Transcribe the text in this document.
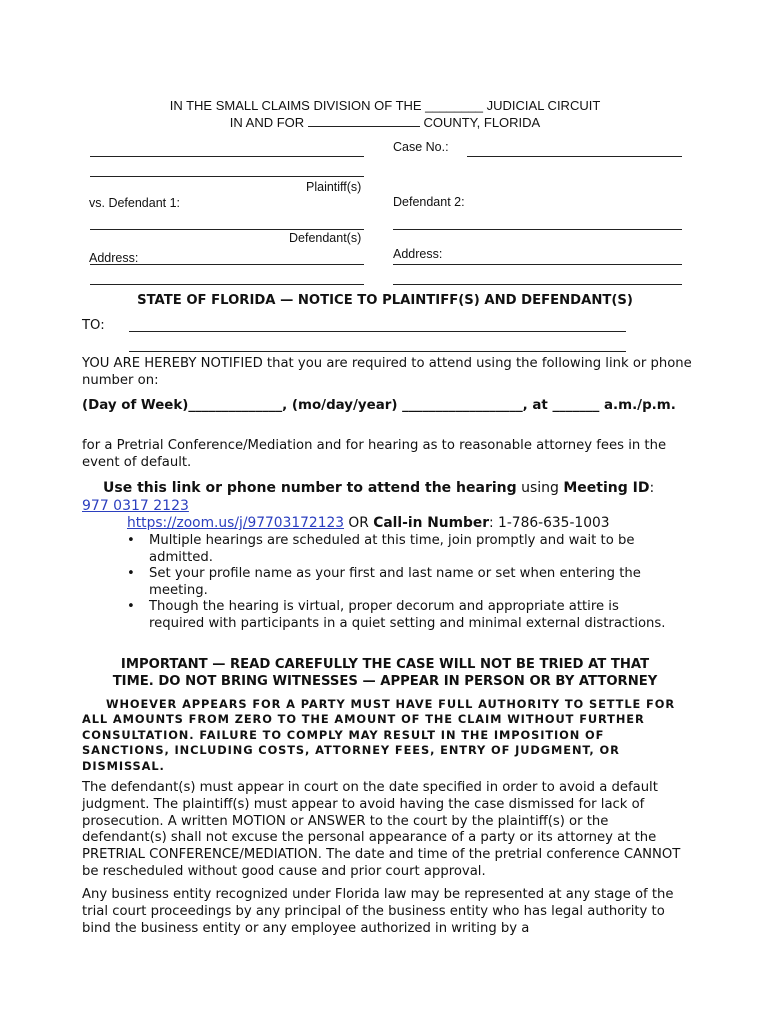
IN THE SMALL CLAIMS DIVISION OF THE ________ JUDICIAL CIRCUIT
IN AND FOR	COUNTY, FLORIDA
Case No.:
Plaintiff(s)
vs. Defendant 1:	Defendant 2:
Defendant(s)
Address:	Address:
STATE OF FLORIDA — NOTICE TO PLAINTIFF(S) AND DEFENDANT(S)
TO:
YOU ARE HEREBY NOTIFIED that you are required to attend using the following link or phone number on:
(Day of Week)______________, (mo/day/year) __________________, at _______ a.m./p.m.
for a Pretrial Conference/Mediation and for hearing as to reasonable attorney fees in the event of default.
Use this link or phone number to attend the hearing using Meeting ID: 977 0317 2123
https://zoom.us/j/97703172123 OR Call-in Number: 1-786-635-1003
• Multiple hearings are scheduled at this time, join promptly and wait to be admitted.
• Set your profile name as your first and last name or set when entering the meeting.
• Though the hearing is virtual, proper decorum and appropriate attire is required with participants in a quiet setting and minimal external distractions.
IMPORTANT — READ CAREFULLY THE CASE WILL NOT BE TRIED AT THAT
TIME. DO NOT BRING WITNESSES — APPEAR IN PERSON OR BY ATTORNEY
WHOEVER APPEARS FOR A PARTY MUST HAVE FULL AUTHORITY TO SETTLE FOR ALL AMOUNTS FROM ZERO TO THE AMOUNT OF THE CLAIM WITHOUT FURTHER CONSULTATION. FAILURE TO COMPLY MAY RESULT IN THE IMPOSITION OF SANCTIONS, INCLUDING COSTS, ATTORNEY FEES, ENTRY OF JUDGMENT, OR DISMISSAL.
The defendant(s) must appear in court on the date specified in order to avoid a default judgment. The plaintiff(s) must appear to avoid having the case dismissed for lack of prosecution. A written MOTION or ANSWER to the court by the plaintiff(s) or the defendant(s) shall not excuse the personal appearance of a party or its attorney at the PRETRIAL CONFERENCE/MEDIATION. The date and time of the pretrial conference CANNOT be rescheduled without good cause and prior court approval.
Any business entity recognized under Florida law may be represented at any stage of the trial court proceedings by any principal of the business entity who has legal authority to bind the business entity or any employee authorized in writing by a
